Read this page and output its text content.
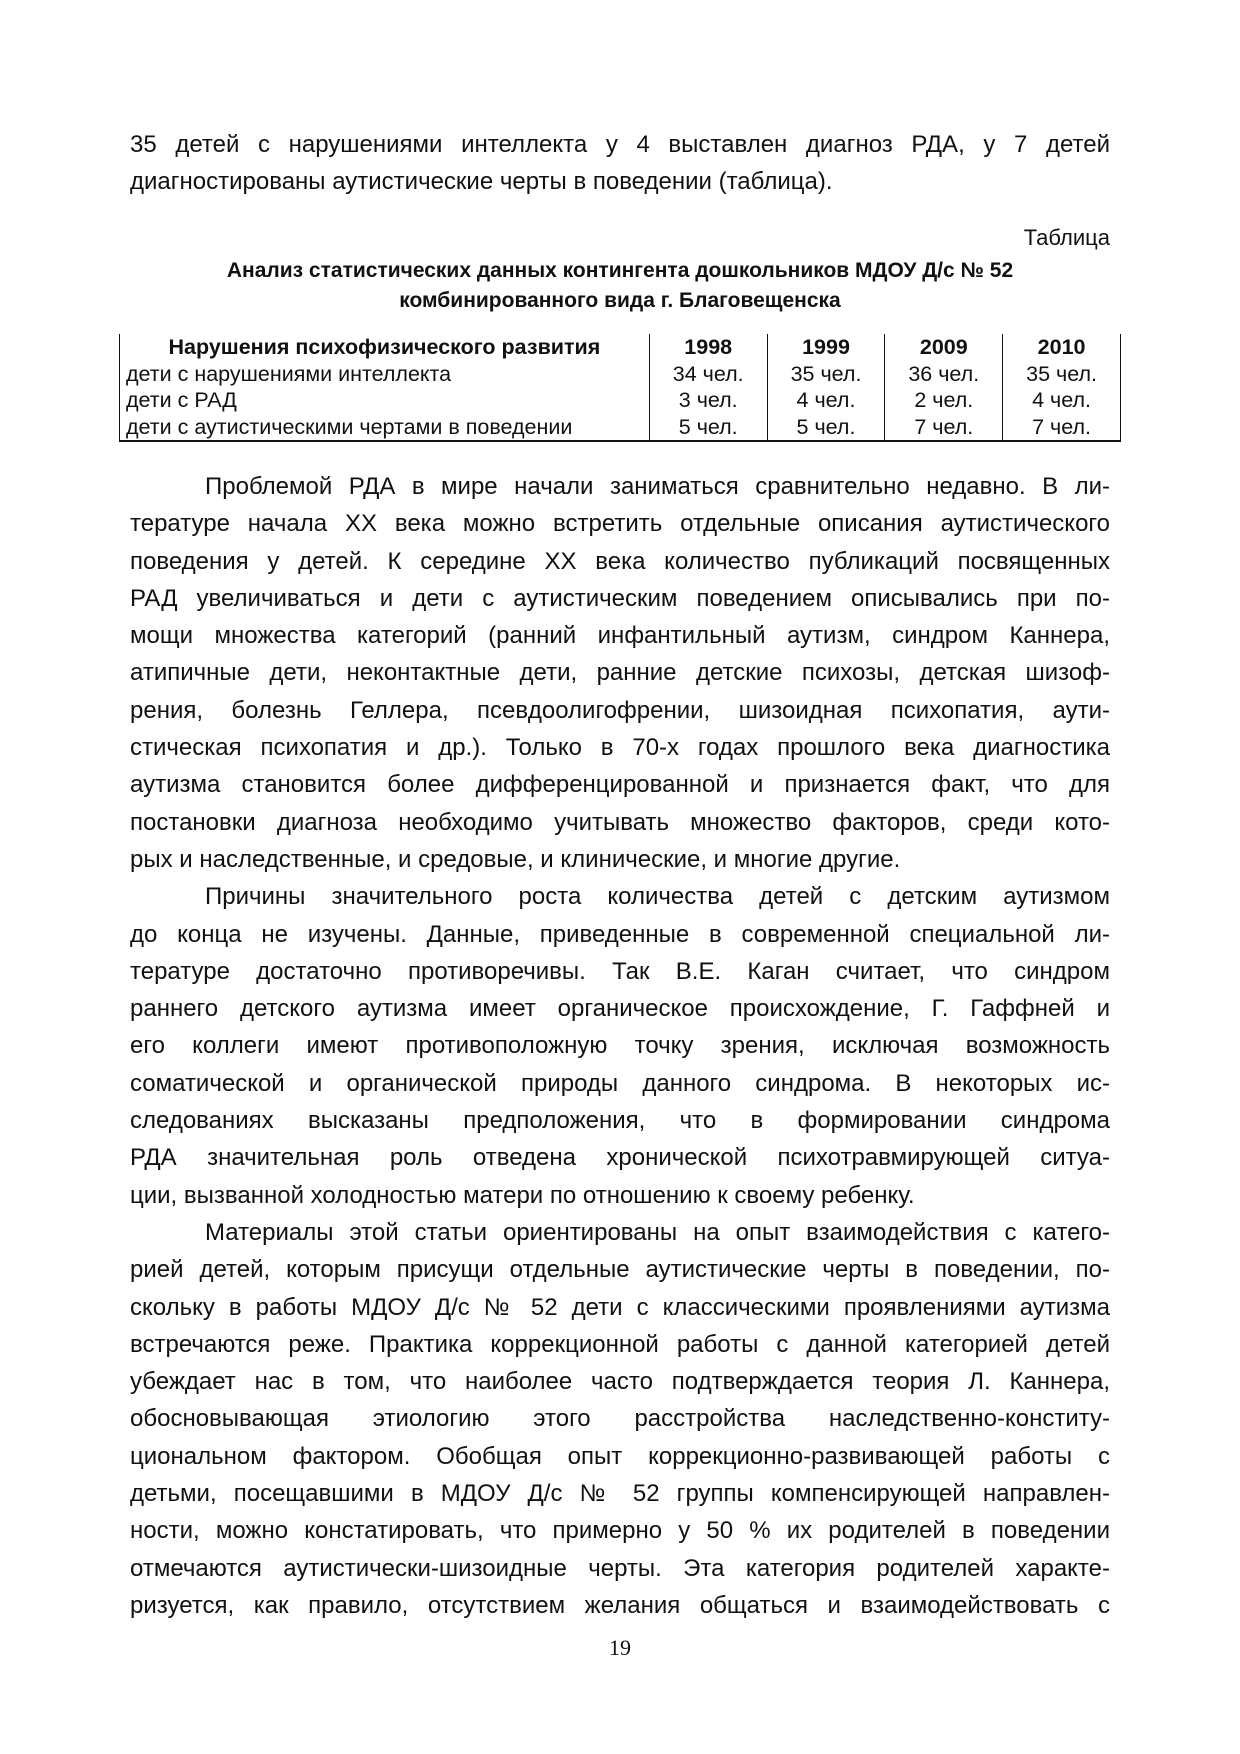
35 детей с нарушениями интеллекта у 4 выставлен диагноз РДА, у 7 детей
диагностированы аутистические черты в поведении (таблица).
Таблица
Анализ статистических данных контингента дошкольников МДОУ Д/с № 52
комбинированного вида г. Благовещенска
Нарушения психофизического развития	1998	1999	2009	2010
дети с нарушениями интеллекта	34 чел.	35 чел.	36 чел.	35 чел.
дети с РАД	3 чел.	4 чел.	2 чел.	4 чел.
дети с аутистическими чертами в поведении	5 чел.	5 чел.	7 чел.	7 чел.
Проблемой РДА в мире начали заниматься сравнительно недавно. В ли-
тературе начала ХХ века можно встретить отдельные описания аутистического
поведения у детей. К середине ХХ века количество публикаций посвященных
РАД увеличиваться и дети с аутистическим поведением описывались при по-
мощи множества категорий (ранний инфантильный аутизм, синдром Каннера,
атипичные дети, неконтактные дети, ранние детские психозы, детская шизоф-
рения, болезнь Геллера, псевдоолигофрении, шизоидная психопатия, аути-
стическая психопатия и др.). Только в 70-х годах прошлого века диагностика
аутизма становится более дифференцированной и признается факт, что для
постановки диагноза необходимо учитывать множество факторов, среди кото-
рых и наследственные, и средовые, и клинические, и многие другие.
Причины значительного роста количества детей с детским аутизмом
до конца не изучены. Данные, приведенные в современной специальной ли-
тературе достаточно противоречивы. Так В.Е. Каган считает, что синдром
раннего детского аутизма имеет органическое происхождение, Г. Гаффней и
его коллеги имеют противоположную точку зрения, исключая возможность
соматической и органической природы данного синдрома. В некоторых ис-
следованиях высказаны предположения, что в формировании синдрома
РДА значительная роль отведена хронической психотравмирующей ситуа-
ции, вызванной холодностью матери по отношению к своему ребенку.
Материалы этой статьи ориентированы на опыт взаимодействия с катего-
рией детей, которым присущи отдельные аутистические черты в поведении, по-
скольку в работы МДОУ Д/с № 52 дети с классическими проявлениями аутизма
встречаются реже. Практика коррекционной работы с данной категорией детей
убеждает нас в том, что наиболее часто подтверждается теория Л. Каннера,
обосновывающая этиологию этого расстройства наследственно-конститу-
циональном фактором. Обобщая опыт коррекционно-развивающей работы с
детьми, посещавшими в МДОУ Д/с № 52 группы компенсирующей направлен-
ности, можно констатировать, что примерно у 50 % их родителей в поведении
отмечаются аутистически-шизоидные черты. Эта категория родителей характе-
ризуется, как правило, отсутствием желания общаться и взаимодействовать с
19
